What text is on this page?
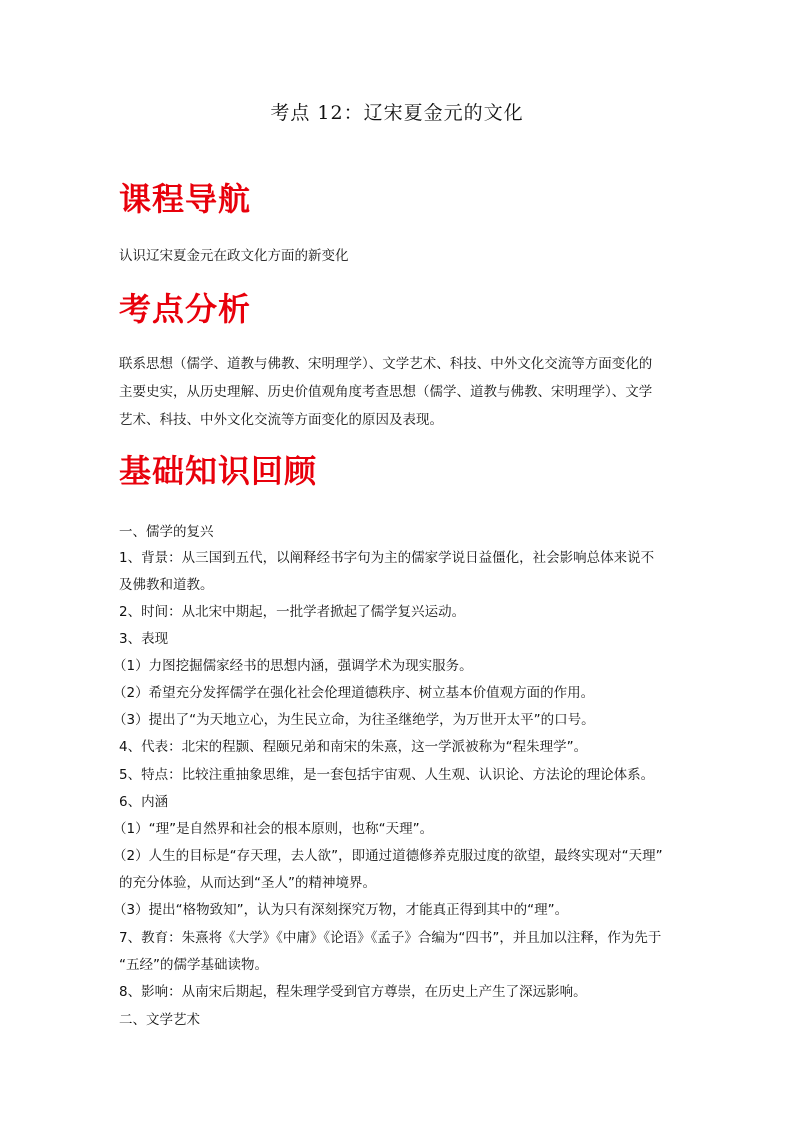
考点 12：辽宋夏金元的文化
课程导航

认识辽宋夏金元在政文化方面的新变化

考点分析

联系思想（儒学、道教与佛教、宋明理学）、文学艺术、科技、中外文化交流等方面变化的

主要史实，从历史理解、历史价值观角度考查思想（儒学、道教与佛教、宋明理学）、文学

艺术、科技、中外文化交流等方面变化的原因及表现。

基础知识回顾

一、儒学的复兴

1、背景：从三国到五代，以阐释经书字句为主的儒家学说日益僵化，社会影响总体来说不

及佛教和道教。

2、时间：从北宋中期起，一批学者掀起了儒学复兴运动。

3、表现

（1）力图挖掘儒家经书的思想内涵，强调学术为现实服务。

（2）希望充分发挥儒学在强化社会伦理道德秩序、树立基本价值观方面的作用。

（3）提出了“为天地立心，为生民立命，为往圣继绝学，为万世开太平”的口号。

4、代表：北宋的程颢、程颐兄弟和南宋的朱熹，这一学派被称为“程朱理学”。

5、特点：比较注重抽象思维，是一套包括宇宙观、人生观、认识论、方法论的理论体系。

6、内涵

（1）“理”是自然界和社会的根本原则，也称“天理”。

（2）人生的目标是“存天理，去人欲”，即通过道德修养克服过度的欲望，最终实现对“天理”

的充分体验，从而达到“圣人”的精神境界。

（3）提出“格物致知”，认为只有深刻探究万物，才能真正得到其中的“理”。

7、教育：朱熹将《大学》《中庸》《论语》《孟子》合编为“四书”，并且加以注释，作为先于

“五经”的儒学基础读物。

8、影响：从南宋后期起，程朱理学受到官方尊崇，在历史上产生了深远影响。

二、文学艺术
